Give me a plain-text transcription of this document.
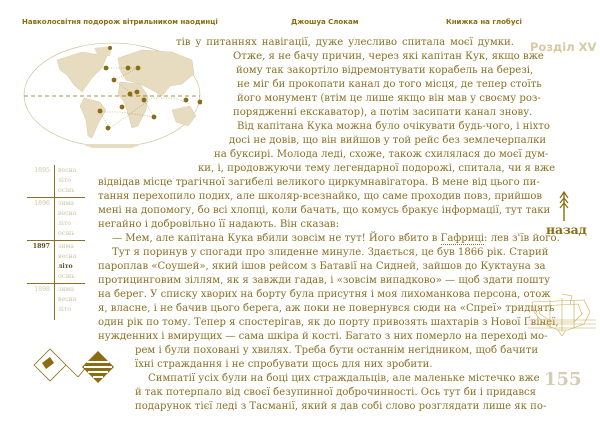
Навколосвітня подорож вітрильником наодинці	Джошуа Слокам	Книжка на глобусі
Розділ XV
тів у питаннях навігації, дуже улесливо спитала моєї думки.
Отже, я не бачу причин, через які капітан Кук, якщо вже
йому так закортіло відремонтувати корабель на березі,
не міг би прокопати канал до того місця, де тепер стоїть
його монумент (втім це лише якщо він мав у своєму роз-
порядженні екскаватор), а потім засипати канал знову.
Від капітана Кука можна було очікувати будь-чого, і ніхто
досі не довів, що він вийшов у той рейс без землечерпалки
на буксирі. Молода леді, схоже, також схилялася до моєї дум-
ки, і, продовжуючи тему легендарної подорожі, спитала, чи я вже
відвідав місце трагічної загибелі великого циркумнавігатора. В мене від цього пи-
тання перехопило подих, але школяр-всезнайко, що саме проходив повз, прийшов
мені на допомогу, бо всі хлопці, коли бачать, що комусь бракує інформації, тут таки
негайно і добровільно її надають. Він сказав:
— Мем, але капітана Кука вбили зовсім не тут! Його вбито в Гафриці: лев з'їв його.
Тут я поринув у спогади про злиденне минуле. Здається, це був 1866 рік. Старий
пароплав «Соушей», який ішов рейсом з Батавії на Сидней, зайшов до Куктауна за
протицинговим зіллям, як я завжди гадав, і «зовсім випадково» — щоб здати пошту
на берег. У списку хворих на борту була присутня і моя лихоманкова персона, отож
я, власне, і не бачив цього берега, аж поки не повернувся сюди на «Спреї» тридцять
один рік по тому. Тепер я спостерігав, як до порту привозять шахтарів з Нової Ґвінеї,
нужденних і вмирущих — сама шкіра й кості. Багато з них померло на переході мо-
рем і були поховані у хвилях. Треба бути останнім негідником, щоб бачити
їхні страждання і не спробувати щось для них зробити.
Симпатії усіх були на боці цих страждальців, але маленьке містечко вже
й так потерпало від своєї безупинної доброчинності. Ось тут би і придався
подарунок тієї леді з Тасманії, який я дав собі слово розглядати лише як по-
1895 весна
літо
осінь
1896 зима
весна
літо
осінь
1897 зима
весна
літо
осінь
1898 зима
весна
літо
назад
155
